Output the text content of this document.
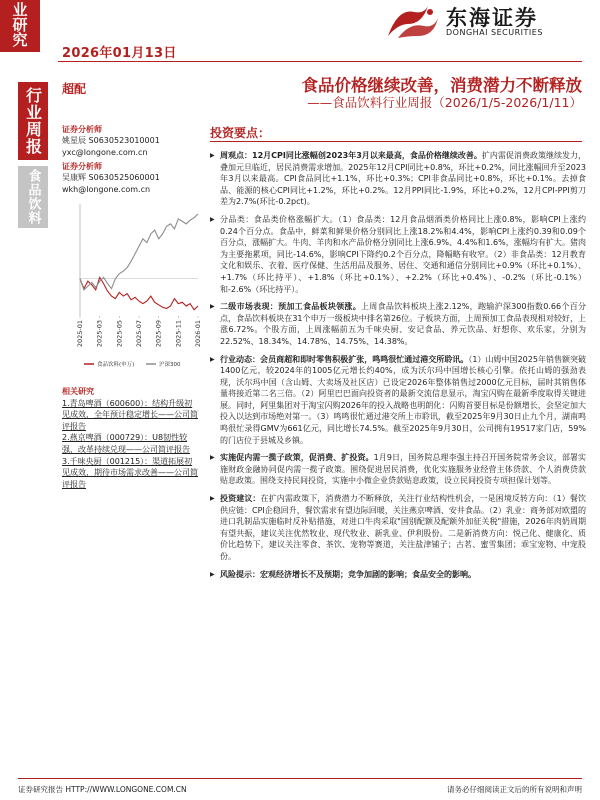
业研究
行业周报
食品饮料
2026年01月13日
东海证券
DONGHAI SECURITIES
超配	食品价格继续改善，消费潜力不断释放
——食品饮料行业周报（2026/1/5-2026/1/11）
证券分析师
姚星辰 S0630523010001
yxc@longone.com.cn
证券分析师
吴康辉 S0630525060001
wkh@longone.com.cn
2025-01 2025-03 2025-05 2025-07 2025-09 2025-11 2026-01
食品饮料(申万)	沪深300
相关研究
1.青岛啤酒（600600）：结构升级初见成效，全年预计稳定增长——公司简评报告
2.燕京啤酒（000729）：U8韧性较强，改革持续兑现——公司简评报告
3.千味央厨（001215）：渠道拓展初见成效，期待市场需求改善——公司简评报告
投资要点：
▶ 周观点：12月CPI同比涨幅创2023年3月以来最高，食品价格继续改善。扩内需促消费政策继续发力，叠加元旦临近，居民消费需求增加。2025年12月CPI同比+0.8%，环比+0.2%，同比涨幅回升至2023年3月以来最高。CPI食品同比+1.1%，环比+0.3%；CPI非食品同比+0.8%，环比+0.1%。去掉食品、能源的核心CPI同比+1.2%，环比+0.2%。12月PPI同比-1.9%，环比+0.2%，12月CPI-PPI剪刀差为2.7%(环比-0.2pct)。
▶ 分品类：食品类价格涨幅扩大。（1）食品类：12月食品烟酒类价格同比上涨0.8%，影响CPI上涨约0.24个百分点。食品中，鲜菜和鲜果价格分别同比上涨18.2%和4.4%，影响CPI上涨约0.39和0.09个百分点，涨幅扩大。牛肉、羊肉和水产品价格分别同比上涨6.9%、4.4%和1.6%，涨幅均有扩大。猪肉为主要拖累项，同比-14.6%，影响CPI下降约0.2个百分点，降幅略有收窄。（2）非食品类：12月教育文化和娱乐、衣着、医疗保健、生活用品及服务、居住、交通和通信分别同比+0.9%（环比+0.1%）、+1.7%（环比持平）、+1.8%（环比+0.1%）、+2.2%（环比+0.4%）、-0.2%（环比-0.1%）和-2.6%（环比持平）。
▶ 二级市场表现：预加工食品板块领涨。上周食品饮料板块上涨2.12%，跑输沪深300指数0.66个百分点，食品饮料板块在31个申万一级板块中排名第26位。子板块方面，上周预加工食品表现相对较好，上涨6.72%。个股方面，上周涨幅前五为千味央厨、安记食品、养元饮品、好想你、欢乐家，分别为22.52%、18.34%、14.78%、14.75%、14.38%。
▶ 行业动态：会员商超和即时零售积极扩张，鸣鸣很忙通过港交所聆讯。（1）山姆中国2025年销售额突破1400亿元，较2024年的1005亿元增长约40%，成为沃尔玛中国增长核心引擎。依托山姆的强劲表现，沃尔玛中国（含山姆、大卖场及社区店）已设定2026年整体销售过2000亿元目标，届时其销售体量将接近第二名三倍。（2）阿里巴巴面向投资者的最新交流信息显示，淘宝闪购在最新季度取得关键进展。同时，阿里集团对于淘宝闪购2026年的投入战略也明朗化：闪购首要目标是份额增长，会坚定加大投入以达到市场绝对第一。（3）鸣鸣很忙通过港交所上市聆讯，截至2025年9月30日止九个月，湖南鸣鸣很忙录得GMV为661亿元，同比增长74.5%。截至2025年9月30日，公司拥有19517家门店，59%的门店位于县城及乡镇。
▶ 实施促内需一揽子政策，促消费、扩投资。1月9日，国务院总理李强主持召开国务院常务会议，部署实施财政金融协同促内需一揽子政策。围绕促进居民消费，优化实施服务业经营主体贷款、个人消费贷款贴息政策。围绕支持民间投资，实施中小微企业贷款贴息政策，设立民间投资专项担保计划等。
▶ 投资建议：在扩内需政策下，消费潜力不断释放，关注行业结构性机会，一是困境反转方向：（1）餐饮供应链：CPI企稳回升，餐饮需求有望边际回暖，关注燕京啤酒、安井食品。（2）乳业：商务部对欧盟的进口乳制品实施临时反补贴措施，对进口牛肉采取"国别配额及配额外加征关税"措施，2026年肉奶周期有望共振，建议关注优然牧业、现代牧业、新乳业、伊利股份。二是新消费方向：悦己化、健康化、质价比趋势下，建议关注零食、茶饮、宠物等赛道，关注盐津铺子；古茗、蜜雪集团；乖宝宠物、中宠股份。
▶ 风险提示：宏观经济增长不及预期；竞争加剧的影响；食品安全的影响。
证券研究报告 HTTP://WWW.LONGONE.COM.CN	请务必仔细阅读正文后的所有说明和声明
